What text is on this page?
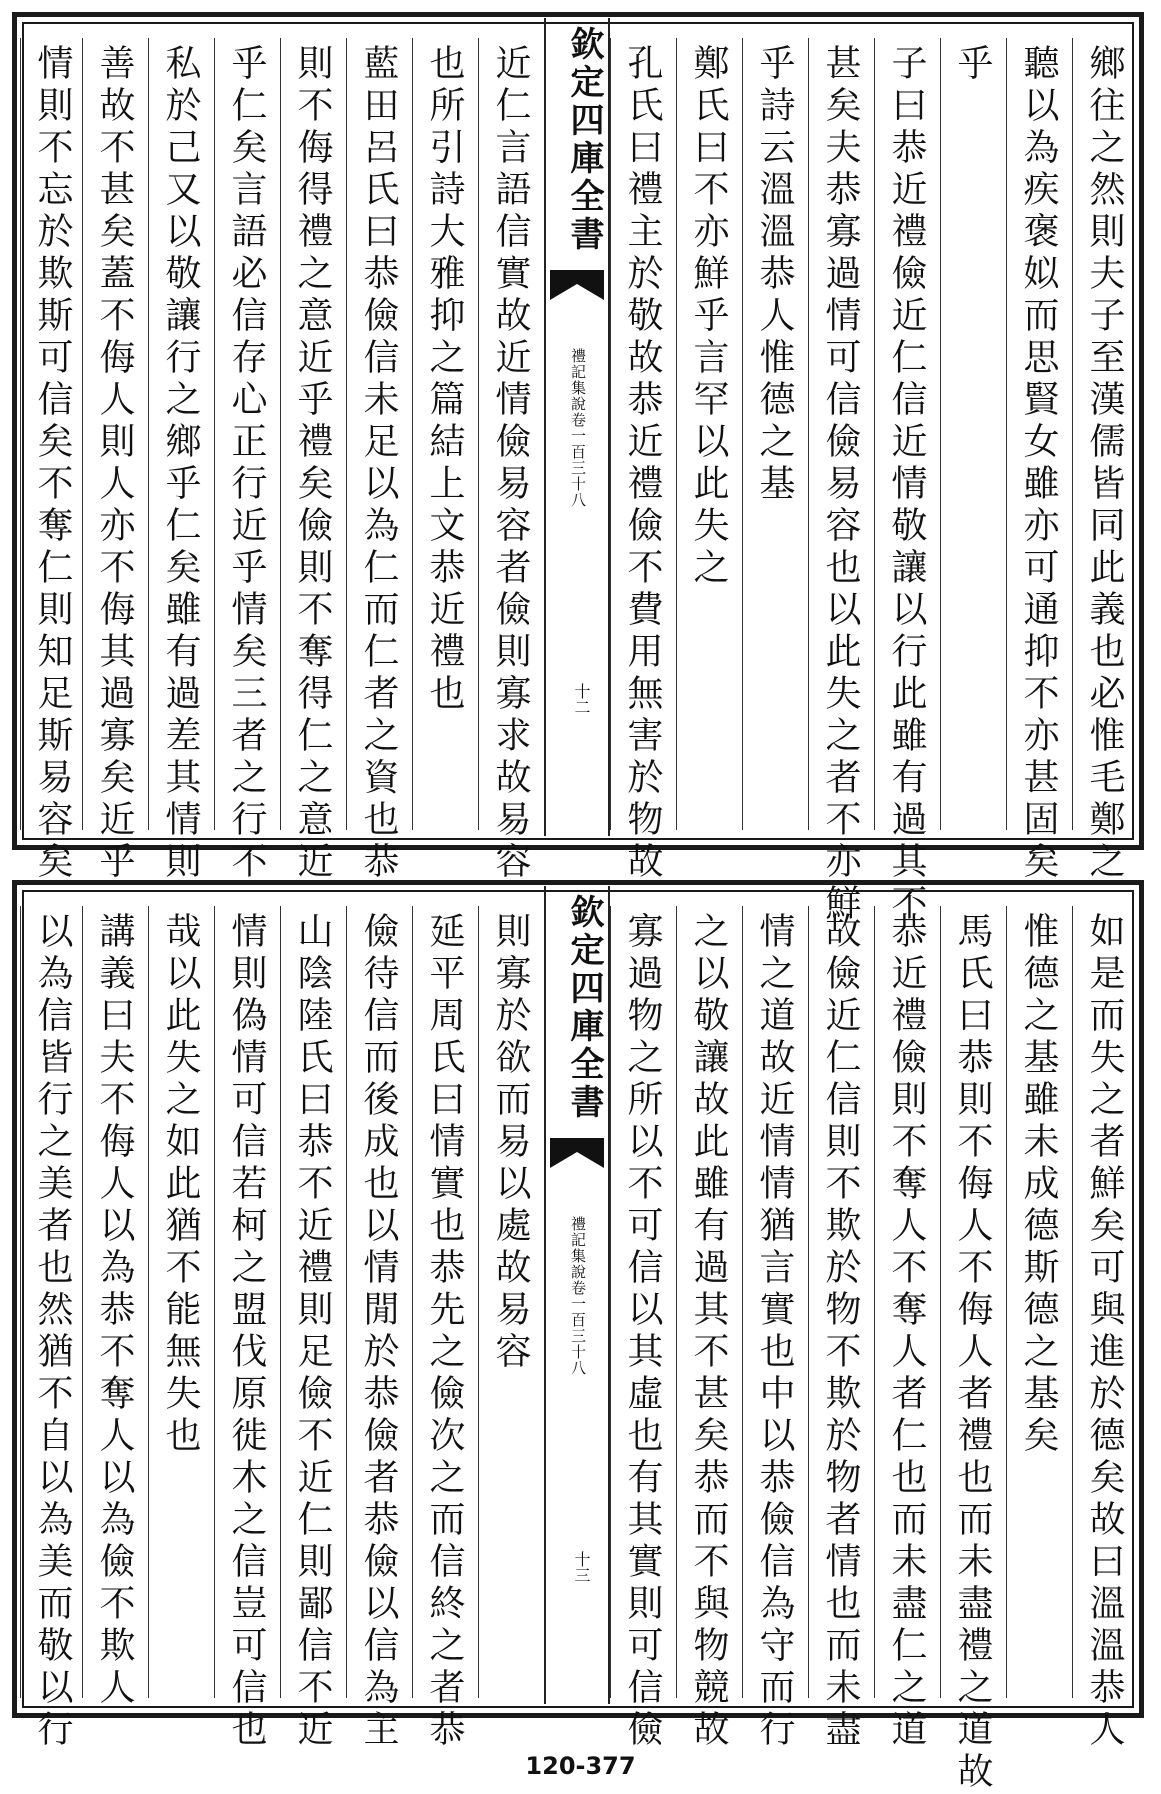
鄉往之然則夫子至漢儒皆同此義也必惟毛鄭之
聽以為疾褒姒而思賢女雖亦可通抑不亦甚固矣
乎
子曰恭近禮儉近仁信近情敬讓以行此雖有過其不
甚矣夫恭寡過情可信儉易容也以此失之者不亦鮮
乎詩云溫溫恭人惟德之基
鄭氏曰不亦鮮乎言罕以此失之
孔氏曰禮主於敬故恭近禮儉不費用無害於物故
欽定四庫全書
禮記集說卷一百三十八
十二
近仁言語信實故近情儉易容者儉則寡求故易容
也所引詩大雅抑之篇結上文恭近禮也
藍田呂氏曰恭儉信未足以為仁而仁者之資也恭
則不侮得禮之意近乎禮矣儉則不奪得仁之意近
乎仁矣言語必信存心正行近乎情矣三者之行不
私於己又以敬讓行之鄉乎仁矣雖有過差其情則
善故不甚矣蓋不侮人則人亦不侮其過寡矣近乎
情則不忘於欺斯可信矣不奪仁則知足斯易容矣
如是而失之者鮮矣可與進於德矣故曰溫溫恭人
惟德之基雖未成德斯德之基矣
馬氏曰恭則不侮人不侮人者禮也而未盡禮之道故
恭近禮儉則不奪人不奪人者仁也而未盡仁之道
故儉近仁信則不欺於物不欺於物者情也而未盡
情之道故近情情猶言實也中以恭儉信為守而行
之以敬讓故此雖有過其不甚矣恭而不與物競故
寡過物之所以不可信以其虛也有其實則可信儉
欽定四庫全書
禮記集說卷一百三十八
十三
則寡於欲而易以處故易容
延平周氏曰情實也恭先之儉次之而信終之者恭
儉待信而後成也以情閒於恭儉者恭儉以信為主
山陰陸氏曰恭不近禮則足儉不近仁則鄙信不近
情則偽情可信若柯之盟伐原徙木之信豈可信也
哉以此失之如此猶不能無失也
講義曰夫不侮人以為恭不奪人以為儉不欺人
以為信皆行之美者也然猶不自以為美而敬以行
120-377
